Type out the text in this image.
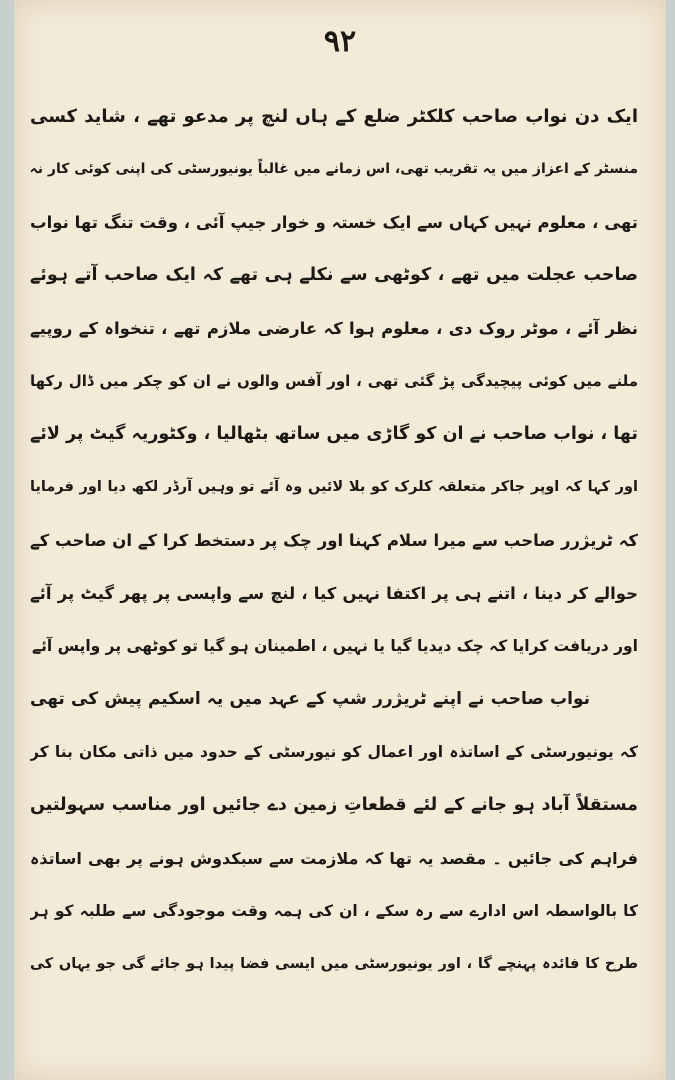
۹۲
ایک دن نواب صاحب کلکٹر ضلع کے ہاں لنچ پر مدعو تھے ، شاید کسی
منسٹر کے اعزاز میں یہ تقریب تھی، اس زمانے میں غالباً یونیورسٹی کی اپنی کوئی کار نہ
تھی ، معلوم نہیں کہاں سے ایک خستہ و خوار جیپ آئی ، وقت تنگ تھا نواب
صاحب عجلت میں تھے ، کوٹھی سے نکلے ہی تھے کہ ایک صاحب آتے ہوئے
نظر آئے ، موٹر روک دی ، معلوم ہوا کہ عارضی ملازم تھے ، تنخواہ کے روپیے
ملنے میں کوئی پیچیدگی پڑ گئی تھی ، اور آفس والوں نے ان کو چکر میں ڈال رکھا
تھا ، نواب صاحب نے ان کو گاڑی میں ساتھ بٹھالیا ، وکٹوریہ گیٹ پر لائے
اور کہا کہ اوپر جاکر متعلقہ کلرک کو بلا لائیں وہ آئے تو وہیں آرڈر لکھ دیا اور فرمایا
کہ ٹریژرر صاحب سے میرا سلام کہنا اور چک پر دستخط کرا کے ان صاحب کے
حوالے کر دینا ، اتنے ہی پر اکتفا نہیں کیا ، لنچ سے واپسی پر پھر گیٹ پر آئے
اور دریافت کرایا کہ چک دیدیا گیا یا نہیں ، اطمینان ہو گیا تو کوٹھی پر واپس آئے
نواب صاحب نے اپنے ٹریژرر شپ کے عہد میں یہ اسکیم پیش کی تھی
کہ یونیورسٹی کے اساتذہ اور اعمال کو نیورسٹی کے حدود میں ذاتی مکان بنا کر
مستقلاً آباد ہو جانے کے لئے قطعاتِ زمین دے جائیں اور مناسب سہولتیں
فراہم کی جائیں ۔ مقصد یہ تھا کہ ملازمت سے سبکدوش ہونے پر بھی اساتذہ
کا بالواسطہ اس ادارے سے رہ سکے ، ان کی ہمہ وقت موجودگی سے طلبہ کو ہر
طرح کا فائدہ پہنچے گا ، اور یونیورسٹی میں ایسی فضا پیدا ہو جائے گی جو یہاں کی
